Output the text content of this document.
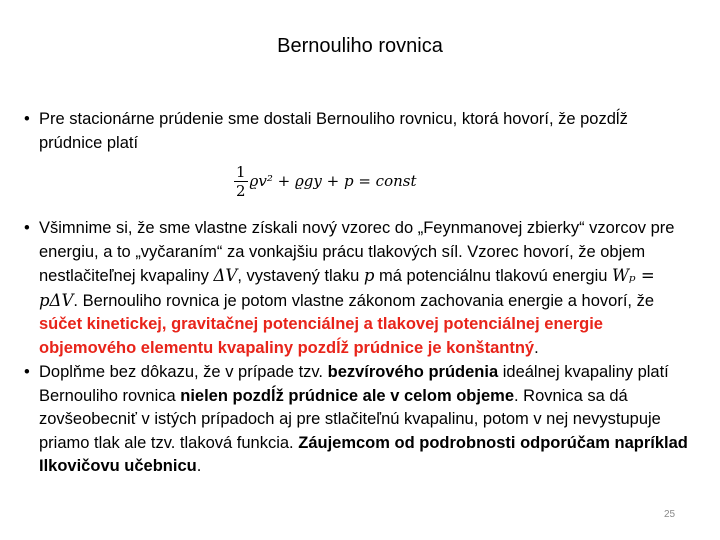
Bernouliho rovnica

• Pre stacionárne prúdenie sme dostali Bernouliho rovnicu, ktorá hovorí, že pozdĺž prúdnice platí

$\frac{1}{2} ϱv^2 + ϱgy + p$ = const

• Všimnime si, že sme vlastne získali nový vzorec do „Feynmanovej zbierky“ vzorcov pre energiu, a to „vyčaraním“ za vonkajšiu prácu tlakových síl. Vzorec hovorí, že objem nestlačiteľnej kvapaliny ΔV, vystavený tlaku p má potenciálnu tlakovú energiu Wₚ = pΔV. Bernouliho rovnica je potom vlastne zákonom zachovania energie a hovorí, že súčet kinetickej, gravitačnej potenciálnej a tlakovej potenciálnej energie objemového elementu kvapaliny pozdĺž prúdnice je konštantný.

• Doplňme bez dôkazu, že v prípade tzv. bezvírového prúdenia ideálnej kvapaliny platí Bernouliho rovnica nielen pozdĺž prúdnice ale v celom objeme. Rovnica sa dá zovšeobecniť v istých prípadoch aj pre stlačiteľnú kvapalinu, potom v nej nevystupuje priamo tlak ale tzv. tlaková funkcia. Záujemcom od podrobnosti odporúčam napríklad Ilkovičovu učebnicu.

25
